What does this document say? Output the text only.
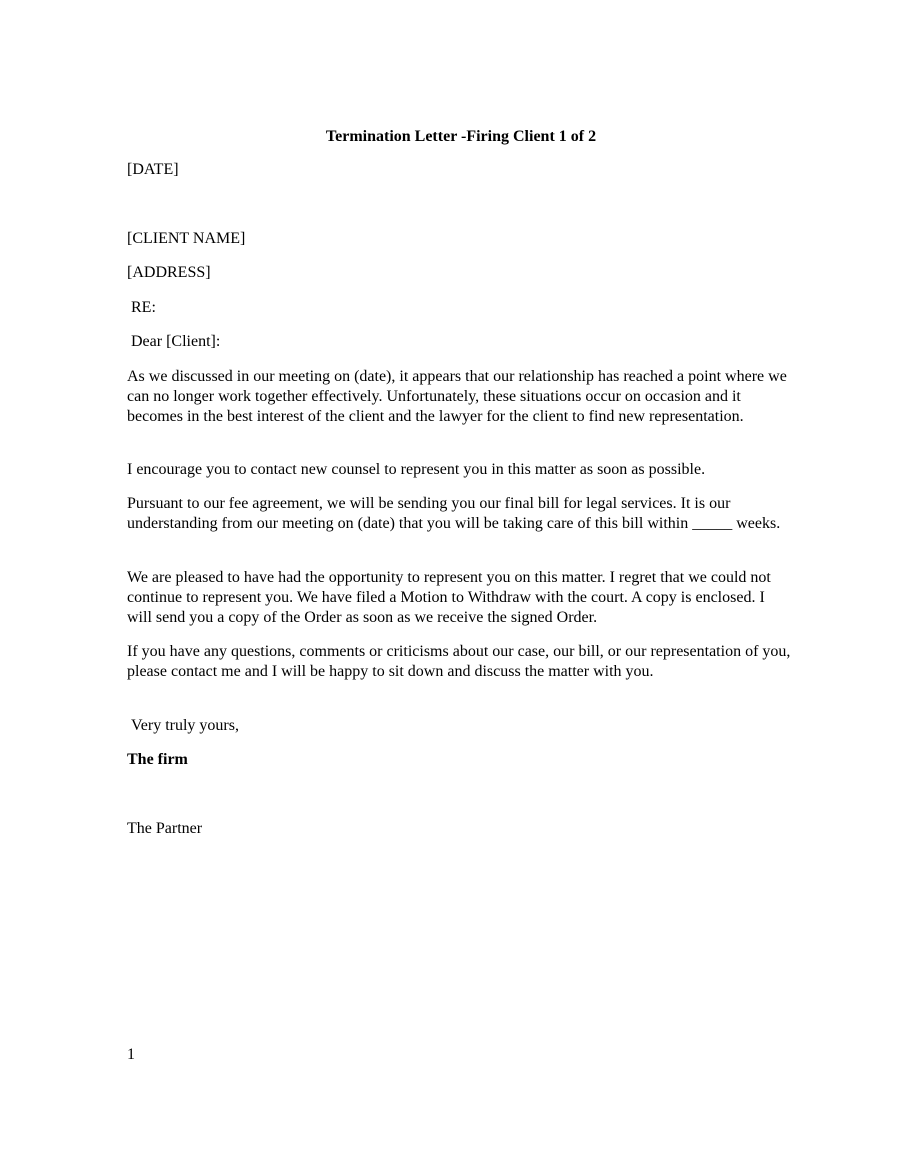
Termination Letter -Firing Client 1 of 2

[DATE]

[CLIENT NAME]

[ADDRESS]

RE:

Dear [Client]:

As we discussed in our meeting on (date), it appears that our relationship has reached a point where we can no longer work together effectively. Unfortunately, these situations occur on occasion and it becomes in the best interest of the client and the lawyer for the client to find new representation.

I encourage you to contact new counsel to represent you in this matter as soon as possible.

Pursuant to our fee agreement, we will be sending you our final bill for legal services. It is our understanding from our meeting on (date) that you will be taking care of this bill within _____ weeks.

We are pleased to have had the opportunity to represent you on this matter. I regret that we could not continue to represent you. We have filed a Motion to Withdraw with the court. A copy is enclosed. I will send you a copy of the Order as soon as we receive the signed Order.

If you have any questions, comments or criticisms about our case, our bill, or our representation of you, please contact me and I will be happy to sit down and discuss the matter with you.

Very truly yours,

The firm

The Partner

1
